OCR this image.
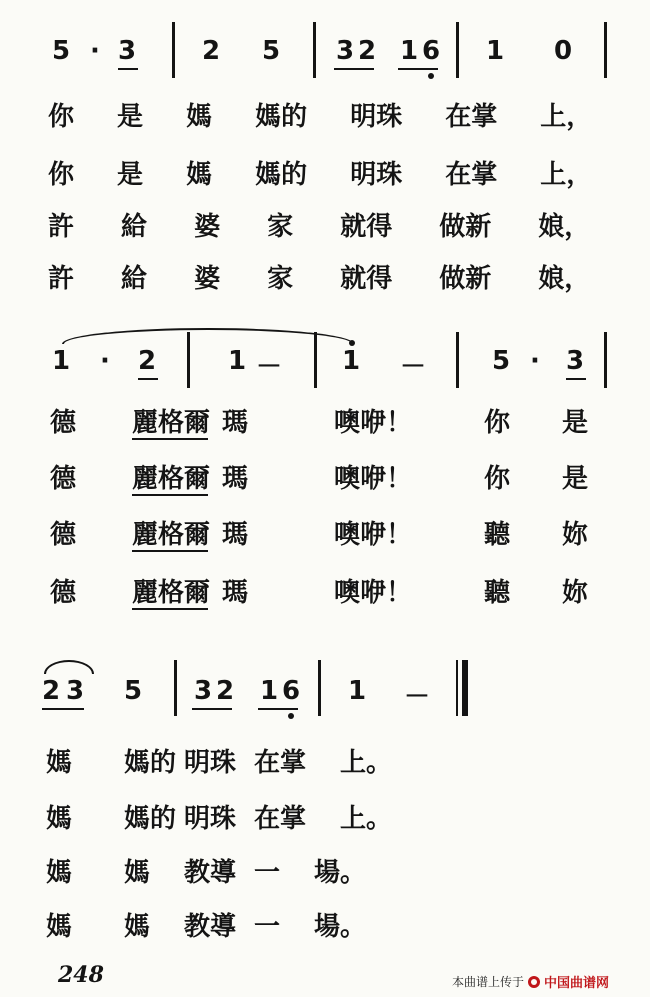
5 · 3	2	5	3 2 1 6	1	0
你 是 媽 媽的 明珠 在掌 上，
你 是 媽 媽的 明珠 在掌 上，
許 給 婆 家 就得 做新 娘，
許 給 婆 家 就得 做新 娘，
1	·	2	1 －	1	－	5 ·	3
德 麗格爾 瑪	噢咿！	你 是
德 麗格爾 瑪	噢咿！	你 是
德 麗格爾 瑪	噢咿！	聽 妳
德 麗格爾 瑪	噢咿！	聽 妳
2 3	5	3 2 1 6	1	－
媽 媽的 明珠 在掌 上。
媽 媽的 明珠 在掌 上。
媽 媽 教導 一 場。
媽 媽 教導 一 場。
248	本曲谱上传于 中国曲谱网
